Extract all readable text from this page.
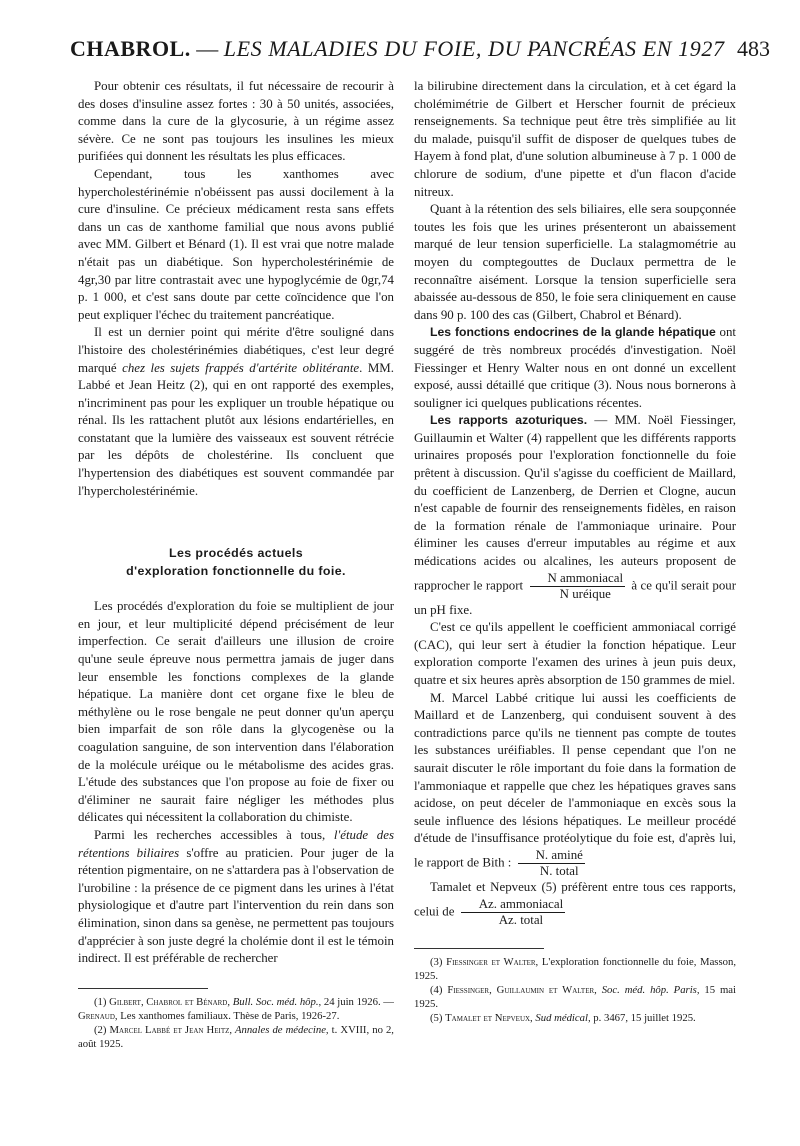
CHABROL. — LES MALADIES DU FOIE, DU PANCRÉAS EN 1927 483

Pour obtenir ces résultats, il fut nécessaire de recourir à des doses d'insuline assez fortes : 30 à 50 unités, associées, comme dans la cure de la glycosurie, à un régime assez sévère. Ce ne sont pas toujours les insulines les mieux purifiées qui donnent les résultats les plus efficaces.

Cependant, tous les xanthomes avec hypercholestérinémie n'obéissent pas aussi docilement à la cure d'insuline. Ce précieux médicament resta sans effets dans un cas de xanthome familial que nous avons publié avec MM. Gilbert et Bénard (1). Il est vrai que notre malade n'était pas un diabétique. Son hypercholestérinémie de 4gr,30 par litre contrastait avec une hypoglycémie de 0gr,74 p. 1 000, et c'est sans doute par cette coïncidence que l'on peut expliquer l'échec du traitement pancréatique.

Il est un dernier point qui mérite d'être souligné dans l'histoire des cholestérinémies diabétiques, c'est leur degré marqué chez les sujets frappés d'artérite oblitérante. MM. Labbé et Jean Heitz (2), qui en ont rapporté des exemples, n'incriminent pas pour les expliquer un trouble hépatique ou rénal. Ils les rattachent plutôt aux lésions endartérielles, en constatant que la lumière des vaisseaux est souvent rétrécie par les dépôts de cholestérine. Ils concluent que l'hypertension des diabétiques est souvent commandée par l'hypercholestérinémie.

Les procédés actuels
d'exploration fonctionnelle du foie.

Les procédés d'exploration du foie se multiplient de jour en jour, et leur multiplicité dépend précisément de leur imperfection. Ce serait d'ailleurs une illusion de croire qu'une seule épreuve nous permettra jamais de juger dans leur ensemble les fonctions complexes de la glande hépatique. La manière dont cet organe fixe le bleu de méthylène ou le rose bengale ne peut donner qu'un aperçu bien imparfait de son rôle dans la glycogenèse ou la coagulation sanguine, de son intervention dans l'élaboration de la molécule uréique ou le métabolisme des acides gras. L'étude des substances que l'on propose au foie de fixer ou d'éliminer ne saurait faire négliger les méthodes plus délicates qui nécessitent la collaboration du chimiste.

Parmi les recherches accessibles à tous, l'étude des rétentions biliaires s'offre au praticien. Pour juger de la rétention pigmentaire, on ne s'attardera pas à l'observation de l'urobiline : la présence de ce pigment dans les urines à l'état physiologique et d'autre part l'intervention du rein dans son élimination, sinon dans sa genèse, ne permettent pas toujours d'apprécier à son juste degré la cholémie dont il est le témoin indirect. Il est préférable de rechercher

(1) Gilbert, Chabrol et Bénard, Bull. Soc. méd. hôp., 24 juin 1926. — Grenaud, Les xanthomes familiaux. Thèse de Paris, 1926-27.

(2) Marcel Labbé et Jean Heitz, Annales de médecine, t. XVIII, no 2, août 1925.

la bilirubine directement dans la circulation, et à cet égard la cholémimétrie de Gilbert et Herscher fournit de précieux renseignements. Sa technique peut être très simplifiée au lit du malade, puisqu'il suffit de disposer de quelques tubes de Hayem à fond plat, d'une solution albumineuse à 7 p. 1 000 de chlorure de sodium, d'une pipette et d'un flacon d'acide nitreux.

Quant à la rétention des sels biliaires, elle sera soupçonnée toutes les fois que les urines présenteront un abaissement marqué de leur tension superficielle. La stalagmométrie au moyen du comptegouttes de Duclaux permettra de le reconnaître aisément. Lorsque la tension superficielle sera abaissée au-dessous de 850, le foie sera cliniquement en cause dans 90 p. 100 des cas (Gilbert, Chabrol et Bénard).

Les fonctions endocrines de la glande hépatique ont suggéré de très nombreux procédés d'investigation. Noël Fiessinger et Henry Walter nous en ont donné un excellent exposé, aussi détaillé que critique (3). Nous nous bornerons à souligner ici quelques publications récentes.

Les rapports azoturiques. — MM. Noël Fiessinger, Guillaumin et Walter (4) rappellent que les différents rapports urinaires proposés pour l'exploration fonctionnelle du foie prêtent à discussion. Qu'il s'agisse du coefficient de Maillard, du coefficient de Lanzenberg, de Derrien et Clogne, aucun n'est capable de fournir des renseignements fidèles, en raison de la formation rénale de l'ammoniaque urinaire. Pour éliminer les causes d'erreur imputables au régime et aux médications acides ou alcalines, les auteurs proposent de rapprocher le rapport $\frac{\text{N ammoniacal}}{\text{N uréique}}$ à ce qu'il serait pour un pH fixe.

C'est ce qu'ils appellent le coefficient ammoniacal corrigé (CAC), qui leur sert à étudier la fonction hépatique. Leur exploration comporte l'examen des urines à jeun puis deux, quatre et six heures après absorption de 150 grammes de miel.

M. Marcel Labbé critique lui aussi les coefficients de Maillard et de Lanzenberg, qui conduisent souvent à des contradictions parce qu'ils ne tiennent pas compte de toutes les substances uréifiables. Il pense cependant que l'on ne saurait discuter le rôle important du foie dans la formation de l'ammoniaque et rappelle que chez les hépatiques graves sans acidose, on peut déceler de l'ammoniaque en excès sous la seule influence des lésions hépatiques. Le meilleur procédé d'étude de l'insuffisance protéolytique du foie est, d'après lui, le rapport de Bith : $\frac{N. aminé}{\text{N. total}}$

Tamalet et Nepveux (5) préfèrent entre tous ces rapports, celui de $\frac{\text{Az. ammoniacal}}{\text{Az. total}}$

(3) Fiessinger et Walter, L'exploration fonctionnelle du foie, Masson, 1925.

(4) Fiessinger, Guillaumin et Walter, Soc. méd. hôp. Paris, 15 mai 1925.

(5) Tamalet et Nepveux, Sud médical, p. 3467, 15 juillet 1925.
